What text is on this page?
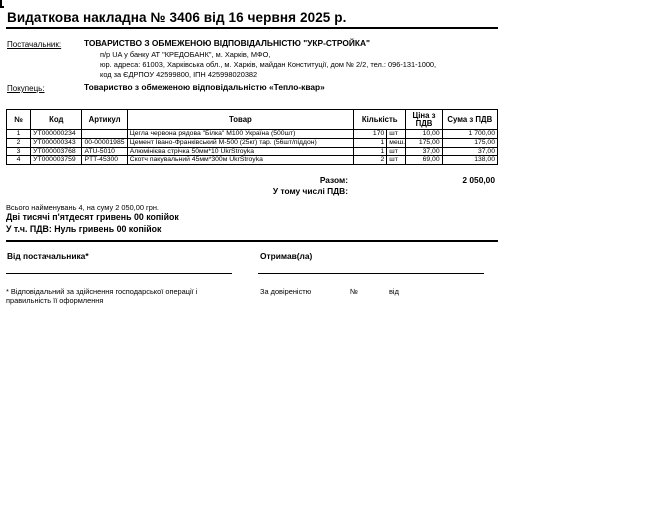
Видаткова накладна № 3406 від 16 червня 2025 р.
Постачальник:	ТОВАРИСТВО З ОБМЕЖЕНОЮ ВІДПОВІДАЛЬНІСТЮ "УКР-СТРОЙКА"
п/р UA у банку АТ "КРЕДОБАНК", м. Харків, МФО,
юр. адреса: 61003, Харківська обл., м. Харків, майдан Конституції, дом № 2/2, тел.: 096-131-1000,
код за ЄДРПОУ 42599800, ІПН 425998020382
Покупець:	Товариство з обмеженою відповідальністю «Тепло-квар»
№	Код	Артикул	Товар	Кількість		Ціна з ПДВ	Сума з ПДВ
1	УТ000000234		Цегла червона рядова "Білка" М100 Україна (500шт)	170	шт	10,00	1 700,00
2	УТ000000343	00-00001985	Цемент Івано-Франківський М-500 (25кг) тар. (56шт/піддон)	1	меш.	175,00	175,00
3	УТ000003768	ATU-5010	Алюмінієва стрічка 50мм*10 UkrStroyka	1	шт	37,00	37,00
4	УТ000003759	PTT-45300	Скотч пакувальний 45мм*300м UkrStroyka	2	шт	69,00	138,00
Разом:	2 050,00
У тому числі ПДВ:
Всього найменувань 4, на суму 2 050,00 грн.
Дві тисячі п'ятдесят гривень 00 копійок
У т.ч. ПДВ: Нуль гривень 00 копійок
Від постачальника*	Отримав(ла)
* Відповідальний за здійснення господарської операції і
правильність її оформлення
За довіреністю	№	від
